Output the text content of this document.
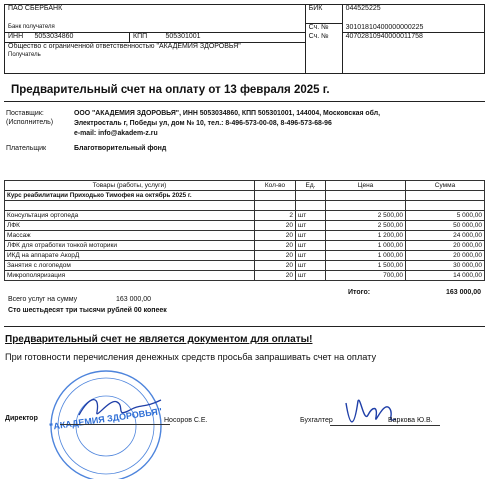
ПАО СБЕРБАНК				БИК	044525225
Банк получателя				Сч. №	30101810400000000225
ИНН	5053034860	КПП	505301001	Сч. №	40702810940000011758

Общество с ограниченной ответственностью "АКАДЕМИЯ ЗДОРОВЬЯ"
Получатель					
Предварительный счет на оплату от 13 февраля 2025 г.
Поставщик:
(Исполнитель)
ООО "АКАДЕМИЯ ЗДОРОВЬЯ", ИНН 5053034860, КПП 505301001, 144004, Московская обл,
Электросталь г, Победы ул, дом № 10, тел.: 8-496-573-00-08, 8-496-573-68-96
e-mail: info@akadem-z.ru
Плательщик	Благотворительный фонд
Товары (работы, услуги)	Кол-во	Ед.	Цена	Сумма
Курс реабилитации Приходько Тимофея на октябрь 2025 г.				

Консультация ортопеда	2	шт	2 500,00	5 000,00
ЛФК	20	шт	2 500,00	50 000,00
Массаж	20	шт	1 200,00	24 000,00
ЛФК для отработки тонкой моторики	20	шт	1 000,00	20 000,00
ИКД на аппарате АкорД	20	шт	1 000,00	20 000,00
Занятия с логопедом	20	шт	1 500,00	30 000,00
Микрополяризация	20	шт	700,00	14 000,00
Итого:	163 000,00
Всего услуг на сумму	163 000,00
Сто шестьдесят три тысячи рублей 00 копеек
Предварительный счет не является документом для оплаты!
При готовности перечисления денежных средств просьба запрашивать счет на оплату
"АКАДЕМИЯ ЗДОРОВЬЯ"
Директор	Носоров С.Е.	Бухгалтер	Варкова Ю.В.
